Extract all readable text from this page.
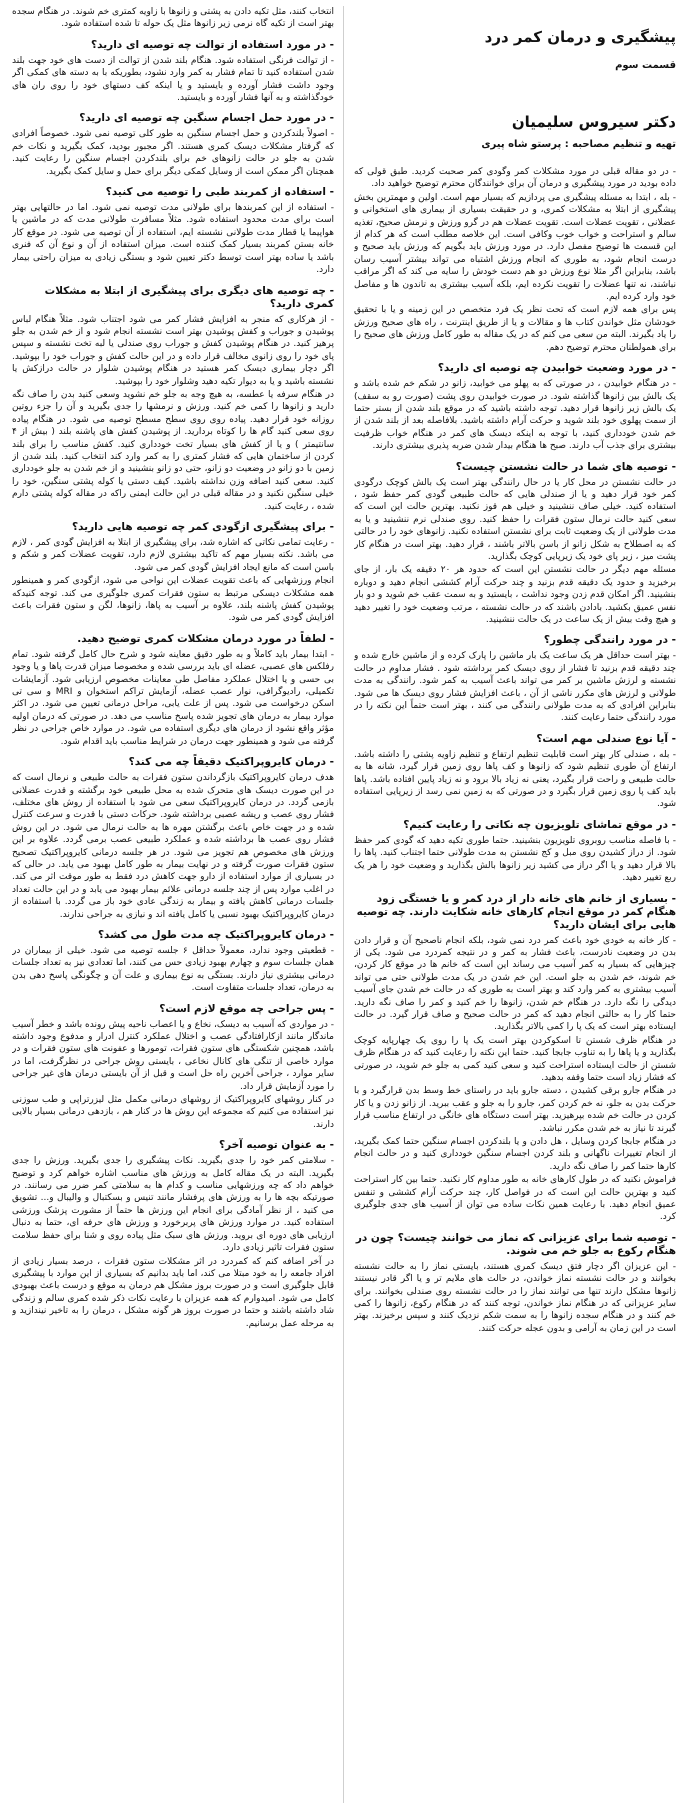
پیشگیری و درمان کمر درد
قسمت سوم
دکتر سیروس سلیمیان
تهیه و تنظیم مصاحبه : پرستو شاه پیری
- در دو مقاله قبلی در مورد مشکلات کمر وگودی کمر صحبت کردید. طبق قولی که داده بودید در مورد پیشگیری و درمان آن برای خوانندگان محترم توضیح خواهید داد.
- بله ، ابتدا به مسئله پیشگیری می پردازیم که بسیار مهم است. اولین و مهمترین بخش پیشگیری از ابتلا به مشکلات کمری، و در حقیقت بسیاری از بیماری های استخوانی و عضلانی ، تقویت عضلات است. تقویت عضلات هم در گرو ورزش و نرمش صحیح، تغذیه سالم و استراحت و خواب خوب وکافی است. این خلاصه مطلب است که هر کدام از این قسمت ها توضیح مفصل دارد. در مورد ورزش باید بگویم که ورزش باید صحیح و درست انجام شود، به طوری که انجام ورزش اشتباه می تواند بیشتر آسیب رسان باشد، بنابراین اگر مثلا نوع ورزش دو هم دست خودش را سایه می کند که اگر مراقب نباشند، نه تنها عضلات را تقویت نکرده ایم، بلکه آسیب بیشتری به تاندون ها و مفاصل خود وارد کرده ایم.
پس برای همه لازم است که تحت نظر یک فرد متخصص در این زمینه و یا با تحقیق خودشان مثل خواندن کتاب ها و مقالات و یا از طریق اینترنت ، راه های صحیح ورزش را یاد بگیرند. البته من سعی می کنم که در یک مقاله به طور کامل ورزش های صحیح را برای همولطنان محترم توضیح دهم.
- در مورد وضعیت خوابیدن چه توصیه ای دارید؟
- در هنگام خوابیدن ، در صورتی که به پهلو می خوابید، زانو در شکم خم شده باشد و یک بالش بین زانوها گذاشته شود. در صورت خوابیدن روی پشت (صورت رو به سقف) یک بالش زیر زانوها قرار دهید. توجه داشته باشید که در موقع بلند شدن از بستر حتما از سمت پهلوی خود بلند شوید و حرکت آرام داشته باشید. بلافاصله بعد از بلند شدن از خم شدن خودداری کنید، با توجه به اینکه دیسک های کمر در هنگام خواب ظرفیت بیشتری برای جذب آب دارند. صبح ها هنگام بیدار شدن ضربه پذیری بیشتری دارند.
- توصیه های شما در حالت نشستن چیست؟
در حالت نشستن در محل کار یا در حال رانندگی بهتر است یک بالش کوچک درگودی کمر خود قرار دهید و یا از صندلی هایی که حالت طبیعی گودی کمر حفظ شود ، استفاده کنید. خیلی صاف ننشینید و خیلی هم قوز نکنید. بهترین حالت این است که سعی کنید حالت نرمال ستون فقرات را حفظ کنید. روی صندلی نرم ننشینید و یا به مدت طولانی از یک وضعیت ثابت برای نشستن استفاده نکنید. زانوهای خود را در حالتی که به اصطلاح به شکل زانو از باسن بالاتر باشند ، قرار دهید. بهتر است در هنگام کار پشت میز ، زیر پای خود یک زیرپایی کوچک بگذارید.
مسئله مهم دیگر در حالت نشستن این است که حدود هر ۲۰ دقیقه یک بار، از جای برخیزید و حدود یک دقیقه قدم بزنید و چند حرکت آرام کششی انجام دهید و دوباره بنشینید. اگر امکان قدم زدن وجود نداشت ، بایستید و به سمت عقب خم شوید و دو بار نفس عمیق بکشید. بادادن باشند که در حالت نشسته ، مرتب وضعیت خود را تغییر دهید و هیچ وقت بیش از یک ساعت در یک حالت ننشینید.
- در مورد رانندگی چطور؟
- بهتر است حداقل هر یک ساعت یک بار ماشین را پارک کرده و از ماشین خارج شده و چند دقیقه قدم بزنید تا فشار از روی دیسک کمر برداشته شود . فشار مداوم در حالت نشسته و لرزش ماشین بر کمر می تواند باعث آسیب به کمر شود. رانندگی به مدت طولانی و لرزش های مکرر ناشی از آن ، باعث افزایش فشار روی دیسک ها می شود. بنابراین افرادی که به مدت طولانی رانندگی می کنند ، بهتر است حتماً این نکته را در مورد رانندگی حتما رعایت کنند.
- آیا نوع صندلی مهم است؟
- بله ، صندلی کار بهتر است قابلیت تنظیم ارتفاع و تنظیم زاویه پشتی را داشته باشد. ارتفاع آن طوری تنظیم شود که زانوها و کف پاها روی زمین قرار گیرد، شانه ها به حالت طبیعی و راحت قرار بگیرد، یعنی نه زیاد بالا برود و نه زیاد پایین افتاده باشد. پاها باید کف پا روی زمین قرار بگیرد و در صورتی که به زمین نمی رسد از زیرپایی استفاده شود.
- در موقع تماشای تلویزیون چه نکاتی را رعایت کنیم؟
- با فاصله مناسب روبروی تلویزیون بنشینید. حتما طوری تکیه دهید که گودی کمر حفظ شود. از دراز کشیدن روی مبل و کج نشستن به مدت طولانی حتما اجتناب کنید. پاها را بالا قرار دهید و یا اگر دراز می کشید زیر زانوها بالش بگذارید و وضعیت خود را هر یک ربع تغییر دهید.
- بسیاری از خانم های خانه دار از درد کمر و یا خستگی زود هنگام کمر در موقع انجام کارهای خانه شکایت دارند. چه توصیه هایی برای ایشان دارید؟
- کار خانه به خودی خود باعث کمر درد نمی شود، بلکه انجام ناصحیح آن و قرار دادن بدن در وضعیت نادرست، باعث فشار به کمر و در نتیجه کمردرد می شود. یکی از چیزهایی که بسیار به کمر آسیب می رساند این است که خانم ها در موقع کار کردن، خم شوند، خم شدن به جلو است. این خم شدن در یک مدت طولانی حتی می تواند آسیب بیشتری به کمر وارد کند و بهتر است به طوری که در حالت خم شدن جای آسیب دیدگی را نگه دارد. در هنگام خم شدن، زانوها را خم کنید و کمر را صاف نگه دارید. حتما کار را به حالتی انجام دهید که کمر در حالت صحیح و صاف قرار گیرد. در حالت ایستاده بهتر است که یک پا را کمی بالاتر بگذارید.
در هنگام ظرف شستن تا اسکوکردن بهتر است یک پا را روی یک چهارپایه کوچک بگذارید و یا پاها را به تناوب جابجا کنید. حتما این نکته را رعایت کنید که در هنگام ظرف شستن از حالت ایستاده استراحت کنید و سعی کنید کمی به جلو خم شوید، در صورتی که فشار زیاد است حتما وقفه بدهید.
در هنگام جارو برقی کشیدن ، دسته جارو باید در راستای خط وسط بدن قرارگیرد و با حرکت بدن به جلو، نه خم کردن کمر، جارو را به جلو و عقب ببرید. از زانو زدن و یا کار کردن در حالت خم شده بپرهیزید. بهتر است دستگاه های خانگی در ارتفاع مناسب قرار گیرند تا نیاز به خم شدن مکرر نباشد.
در هنگام جابجا کردن وسایل ، هل دادن و یا بلندکردن اجسام سنگین حتما کمک بگیرید، از انجام تغییرات ناگهانی و بلند کردن اجسام سنگین خودداری کنید و در حالت انجام کارها حتما کمر را صاف نگه دارید.
فراموش نکنید که در طول کارهای خانه به طور مداوم کار نکنید. حتما بین کار استراحت کنید و بهترین حالت این است که در فواصل کار، چند حرکت آرام کششی و تنفس عمیق انجام دهید. با رعایت همین نکات ساده می توان از آسیب های جدی جلوگیری کرد.
- توصیه شما برای عزیزانی که نماز می خوانند چیست؟ چون در هنگام رکوع به جلو خم می شوند.
- این عزیزان اگر دچار فتق دیسک کمری هستند، بایستی نماز را به حالت نشسته بخوانند و در حالت نشسته نماز خواندن، در حالت های ملایم تر و یا اگر قادر نیستند زانوها مشکل دارند تنها می توانند نماز را در حالت نشسته روی صندلی بخوانند. برای سایر عزیزانی که در هنگام نماز خواندن، توجه کنند که در هنگام رکوع، زانوها را کمی خم کنند و در هنگام سجده زانوها را به سمت شکم نزدیک کنند و سپس برخیزند. بهتر است در این زمان به آرامی و بدون عجله حرکت کنند.
انتخاب کنند، مثل تکیه دادن به پشتی و زانوها با زاویه کمتری خم شوند. در هنگام سجده بهتر است از تکیه گاه نرمی زیر زانوها مثل یک حوله تا شده استفاده شود.
- در مورد استفاده از توالت چه توصیه ای دارید؟
- از توالت فرنگی استفاده شود. هنگام بلند شدن از توالت از دست های خود جهت بلند شدن استفاده کنید تا تمام فشار به کمر وارد نشود، بطوریکه با به دسته های کمکی اگر وجود داشت فشار آورده و بایستید و یا اینکه کف دستهای خود را روی ران های خودگذاشته و به آنها فشار آورده و بایستید.
- در مورد حمل اجسام سنگین چه توصیه ای دارید؟
- اصولاً بلندکردن و حمل اجسام سنگین به طور کلی توصیه نمی شود. خصوصاً افرادی که گرفتار مشکلات دیسک کمری هستند. اگر مجبور بودید، کمک بگیرید و نکات خم شدن به جلو در حالت زانوهای خم برای بلندکردن اجسام سنگین را رعایت کنید. همچنان اگر ممکن است از وسایل کمکی دیگر برای حمل و سایل کمک بگیرید.
- استفاده از کمربند طبی را توصیه می کنید؟
- استفاده از این کمربندها برای طولانی مدت توصیه نمی شود. اما در حالتهایی بهتر است برای مدت محدود استفاده شود. مثلاً مسافرت طولانی مدت که در ماشین یا هواپیما یا قطار مدت طولانی نشسته ایم، استفاده از آن توصیه می شود. در موقع کار خانه بستن کمربند بسیار کمک کننده است. میزان استفاده از آن و نوع آن که فنری باشد یا ساده بهتر است توسط دکتر تعیین شود و بستگی زیادی به میزان راحتی بیمار دارد.
- چه توصیه های دیگری برای پیشگیری از ابتلا به مشکلات کمری دارید؟
- از هرکاری که منجر به افزایش فشار کمر می شود اجتناب شود. مثلاً هنگام لباس پوشیدن و جوراب و کفش پوشیدن بهتر است نشسته انجام شود و از خم شدن به جلو پرهیز کنید. در هنگام پوشیدن کفش و جوراب روی صندلی یا لبه تخت نشسته و سپس پای خود را روی زانوی مخالف قرار داده و در این حالت کفش و جوراب خود را بپوشید. اگر دچار بیماری دیسک کمر هستید در هنگام پوشیدن شلوار در حالت درازکش یا نشسته باشید و یا به دیوار تکیه دهید وشلوار خود را بپوشید.
در هنگام سرفه یا عطسه، به هیچ وجه به جلو خم نشوید وسعی کنید بدن را صاف نگه دارید و زانوها را کمی خم کنید. ورزش و نرمشها را جدی بگیرید و آن را جزء روتین روزانه خود قرار دهید. پیاده روی روی سطح مسطح توصیه می شود. در هنگام پیاده روی سعی کنید گام ها را کوتاه بردارید. از پوشیدن کفش های پاشنه بلند ( بیش از ۴ سانتیمتر ) و یا از کفش های بسیار تخت خودداری کنید. کفش مناسب را برای بلند کردن از ساختمان هایی که فشار کمتری را به کمر وارد کند انتخاب کنید. بلند شدن از زمین با دو زانو در وضعیت دو زانو، حتی دو زانو بنشینید و از خم شدن به جلو خودداری کنید. سعی کنید اضافه وزن نداشته باشید. کیف دستی یا کوله پشتی سنگین، خود را خیلی سنگین نکنید و در مقاله قبلی در این حالت ایمنی راکه در مقاله کوله پشتی دارم شده ، رعایت کنید.
- برای پیشگیری ازگودی کمر چه توصیه هایی دارید؟
- رعایت تمامی نکاتی که اشاره شد، برای پیشگیری از ابتلا به افزایش گودی کمر ، لازم می باشد. نکته بسیار مهم که تاکید بیشتری لازم دارد، تقویت عضلات کمر و شکم و باسن است که مانع ایجاد افزایش گودی کمر می شود.
انجام ورزشهایی که باعث تقویت عضلات این نواحی می شود، ازگودی کمر و همینطور همه مشکلات دیسکی مرتبط به ستون فقرات کمری جلوگیری می کند. توجه کنیدکه پوشیدن کفش پاشنه بلند، علاوه بر آسیب به پاها، زانوها، لگن و ستون فقرات باعث افزایش گودی کمر می شود.
- لطفاً در مورد درمان مشکلات کمری توضیح دهید.
- ابتدا بیمار باید کاملاً و به طور دقیق معاینه شود و شرح حال کامل گرفته شود. تمام رفلکس های عصبی، عضله ای باید بررسی شده و مخصوصا میزان قدرت پاها و یا وجود بی حسی و یا اختلال عملکرد مفاصل طی معاینات مخصوص ارزیابی شود. آزمایشات تکمیلی، رادیوگرافی، نوار عصب عضله، آزمایش تراکم استخوان و MRI و سی تی اسکن درخواست می شود. پس از علت یابی، مراحل درمانی تعیین می شود. در اکثر موارد بیمار به درمان های تجویز شده پاسخ مناسب می دهد. در صورتی که درمان اولیه مؤثر واقع نشود از درمان های دیگری استفاده می شود. در موارد خاص جراحی در نظر گرفته می شود و همینطور جهت درمان در شرایط مناسب باید اقدام شود.
- درمان کایروپراکتیک دقیقاً چه می کند؟
هدف درمان کایروپراکتیک بازگرداندن ستون فقرات به حالت طبیعی و نرمال است که در این صورت دیسک های متحرک شده به محل طبیعی خود برگشته و قدرت عضلانی بازمی گردد. در درمان کایروپراکتیک سعی می شود با استفاده از روش های مختلف، فشار روی عصب و ریشه عصبی برداشته شود. حرکات دستی با قدرت و سرعت کنترل شده و در جهت خاص باعث برگشتن مهره ها به حالت نرمال می شود. در این روش فشار روی عصب ها برداشته شده و عملکرد طبیعی عصب برمی گردد. علاوه بر این ورزش های مخصوص هم تجویز می شود. در هر جلسه درمانی کایروپراکتیک تصحیح ستون فقرات صورت گرفته و در نهایت بیمار به طور کامل بهبود می یابد. در حالی که در بسیاری از موارد استفاده از دارو جهت کاهش درد فقط به طور موقت اثر می کند. در اغلب موارد پس از چند جلسه درمانی علائم بیمار بهبود می یابد و در این حالت تعداد جلسات درمانی کاهش یافته و بیمار به زندگی عادی خود باز می گردد. با استفاده از درمان کایروپراکتیک بهبود نسبی یا کامل یافته اند و نیازی به جراحی ندارند.
- درمان کایروپراکتیک چه مدت طول می کشد؟
- قطعیتی وجود ندارد، معمولاً حداقل ۶ جلسه توصیه می شود. خیلی از بیماران در همان جلسات سوم و چهارم بهبود زیادی حس می کنند، اما تعدادی نیز به تعداد جلسات درمانی بیشتری نیاز دارند. بستگی به نوع بیماری و علت آن و چگونگی پاسخ دهی بدن به درمان، تعداد جلسات متفاوت است.
- پس جراحی چه موقع لازم است؟
- در مواردی که آسیب به دیسک، نخاع و یا اعصاب ناحیه پیش رونده باشد و خطر آسیب ماندگار مانند ازکارافتادگی عصب و اختلال عملکرد کنترل ادرار و مدفوع وجود داشته باشد، همچنین شکستگی های ستون فقرات، تومورها و عفونت های ستون فقرات و در موارد خاصی از تنگی های کانال نخاعی ، بایستی روش جراحی در نظرگرفت، اما در سایر موارد ، جراحی آخرین راه حل است و قبل از آن بایستی درمان های غیر جراحی را مورد آزمایش قرار داد.
در کنار روشهای کایروپراکتیک از روشهای درمانی مکمل مثل لیزرتراپی و طب سوزنی نیز استفاده می کنیم که مجموعه این روش ها در کنار هم ، بازدهی درمانی بسیار بالایی دارند.
- به عنوان توصیه آخر؟
- سلامتی کمر خود را جدی بگیرید. نکات پیشگیری را جدی بگیرید. ورزش را جدی بگیرید. البته در یک مقاله کامل به ورزش های مناسب اشاره خواهم کرد و توضیح خواهم داد که چه ورزشهایی مناسب و کدام ها به سلامتی کمر ضرر می رسانند. در صورتیکه بچه ها را به ورزش های پرفشار مانند تنیس و بسکتبال و والیبال و... تشویق می کنید ، از نظر آمادگی برای انجام این ورزش ها حتماً از مشورت پزشک ورزشی استفاده کنید. در موارد ورزش های پربرخورد و ورزش های حرفه ای، حتما به دنبال ارزیابی های دوره ای بروید. ورزش های سبک مثل پیاده روی و شنا برای حفظ سلامت ستون فقرات تاثیر زیادی دارد.
در آخر اضافه کنم که کمردرد در اثر مشکلات ستون فقرات ، درصد بسیار زیادی از افراد جامعه را به خود مبتلا می کند، اما باید بدانیم که بسیاری از این موارد با پیشگیری قابل جلوگیری است و در صورت بروز مشکل هم درمان به موقع و درست باعث بهبودی کامل می شود. امیدوارم که همه عزیزان با رعایت نکات ذکر شده کمری سالم و زندگی شاد داشته باشند و حتما در صورت بروز هر گونه مشکل ، درمان را به تاخیر نیندازید و به مرحله عمل برسانیم.
